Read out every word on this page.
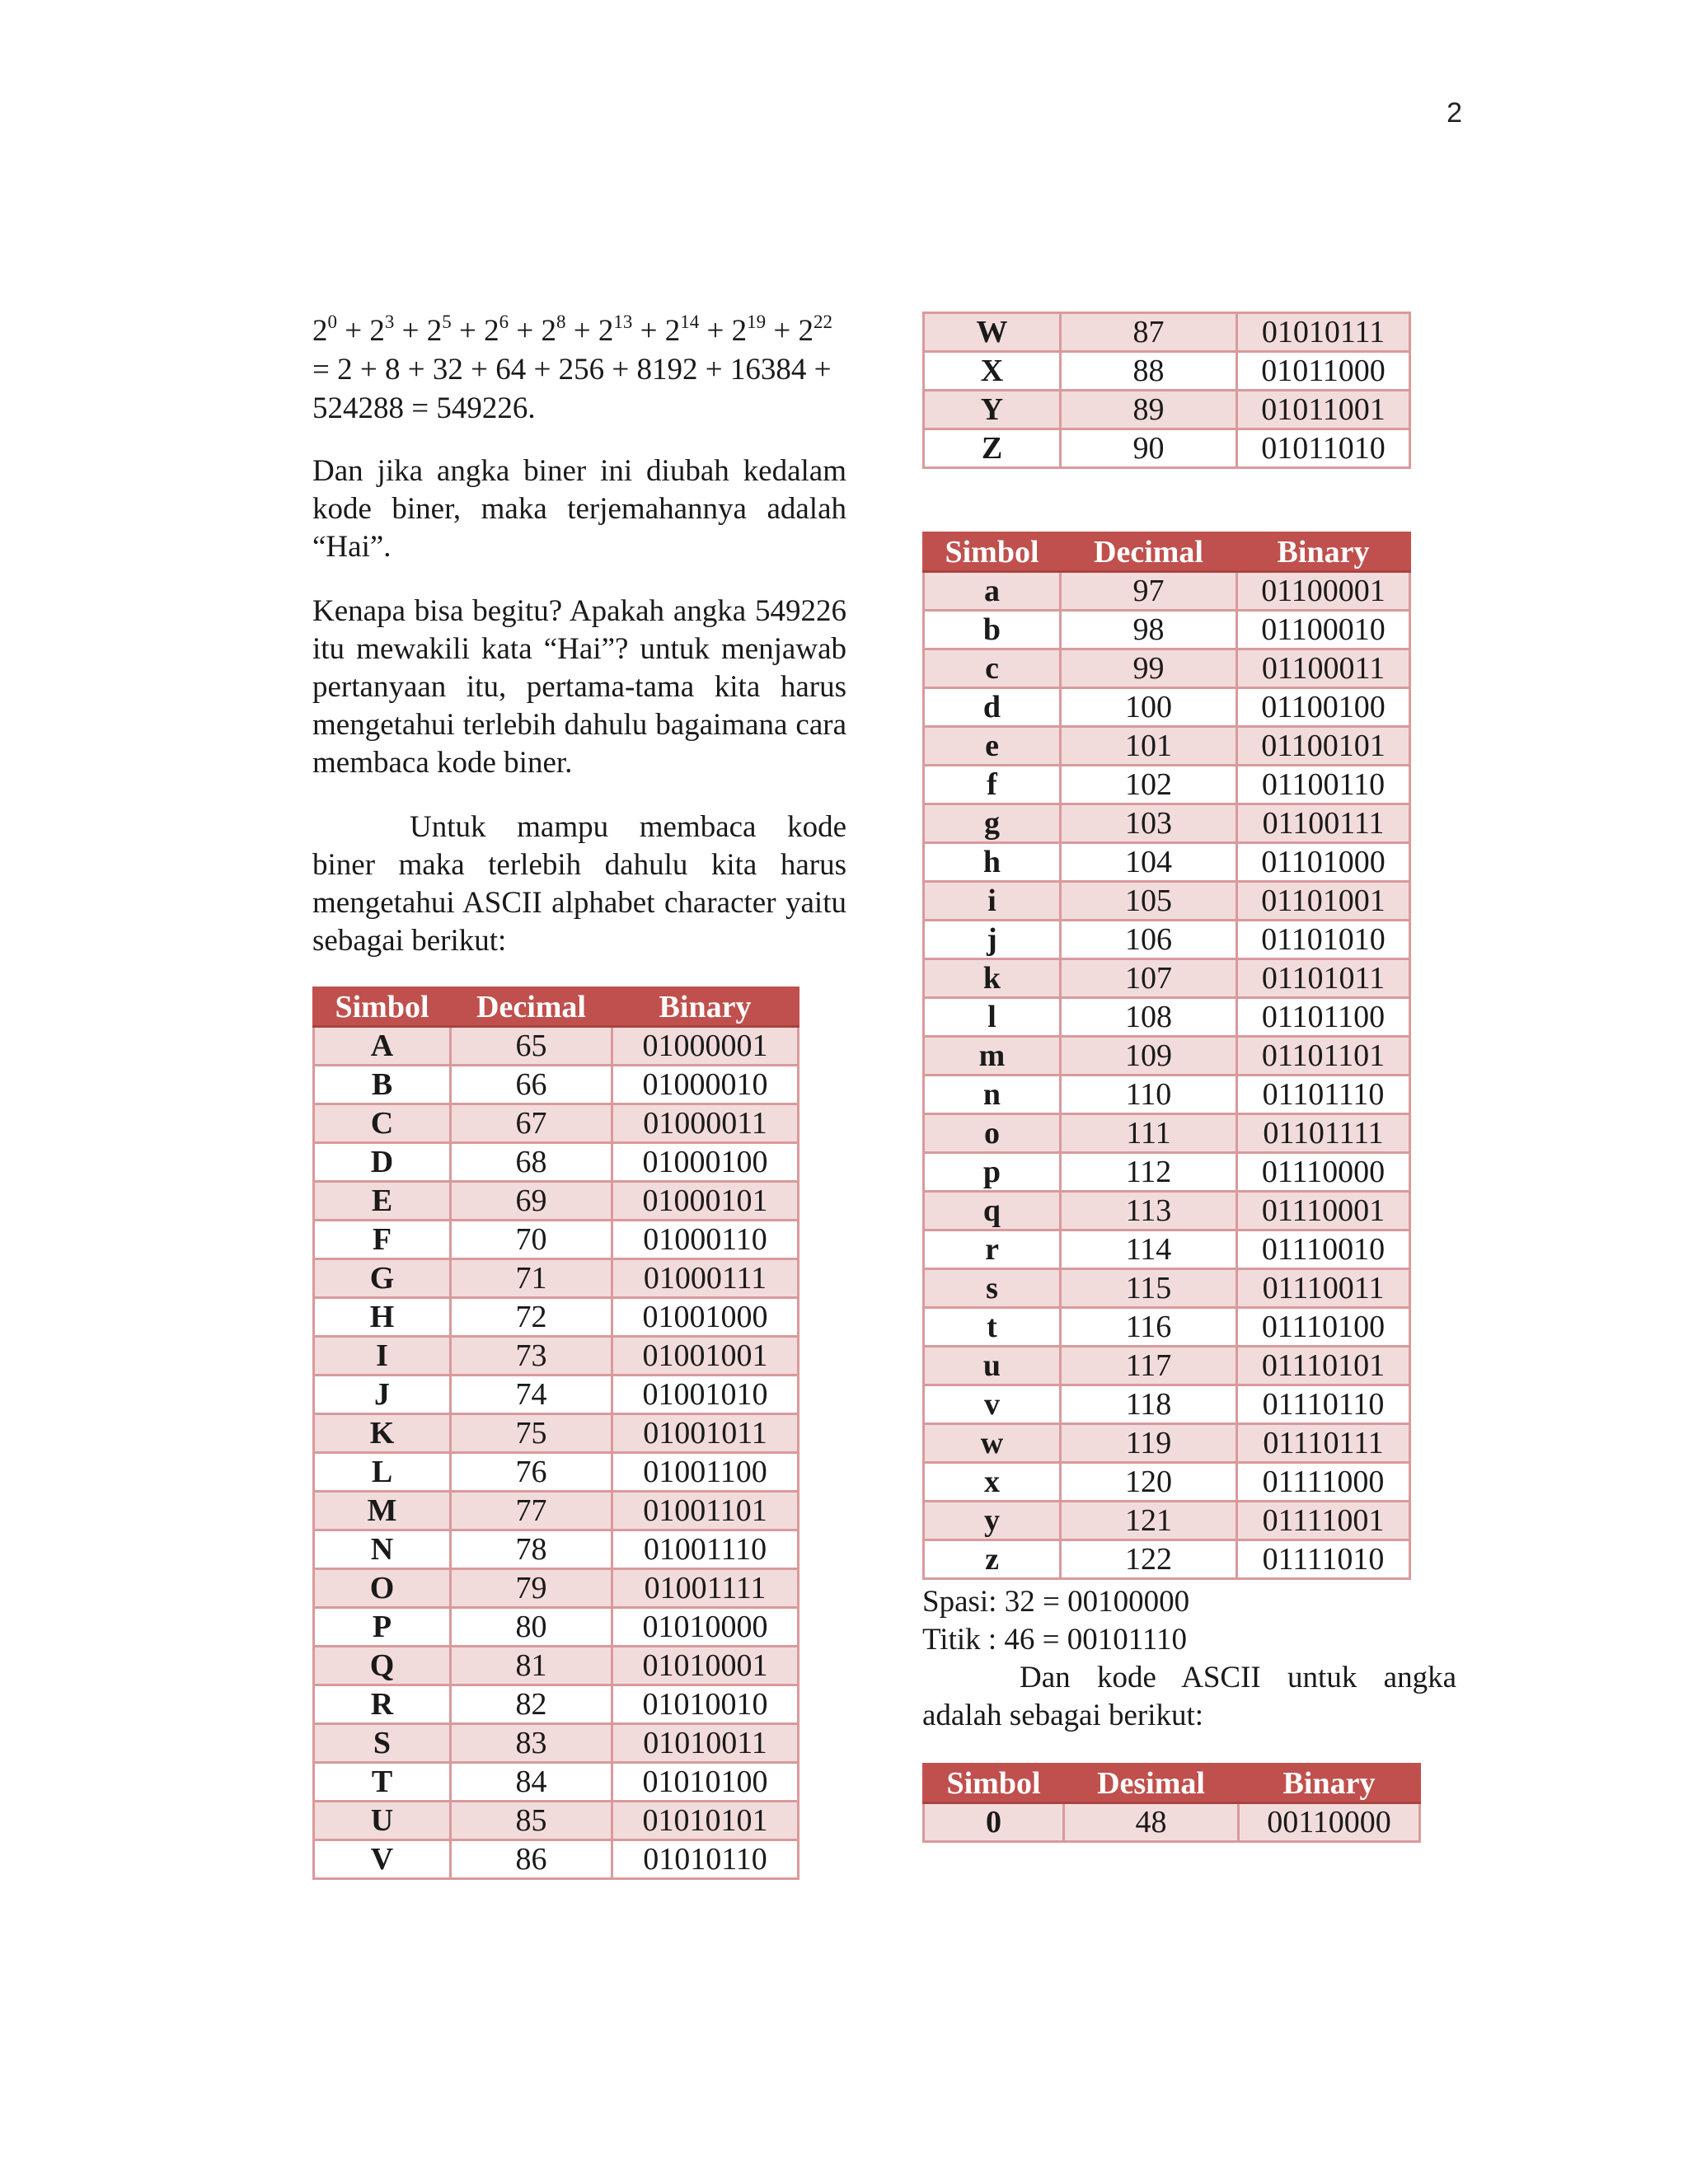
2

$2^0 + 2^3 + 2^5 + 2^6 + 2^8 + 2^{13} + 2^{14} + 2^{19} + 2^{22} = 2 + 8 + 32 + 64 + 256 + 8192 + 16384 + 524288 = 549226$.

Dan jika angka biner ini diubah kedalam kode biner, maka terjemahannya adalah “Hai”.

Kenapa bisa begitu? Apakah angka 549226 itu mewakili kata “Hai”? untuk menjawab pertanyaan itu, pertama-tama kita harus mengetahui terlebih dahulu bagaimana cara membaca kode biner.

Untuk mampu membaca kode biner maka terlebih dahulu kita harus mengetahui ASCII alphabet character yaitu sebagai berikut:

Simbol	Decimal	Binary
A	65	01000001
B	66	01000010
C	67	01000011
D	68	01000100
E	69	01000101
F	70	01000110
G	71	01000111
H	72	01001000
I	73	01001001
J	74	01001010
K	75	01001011
L	76	01001100
M	77	01001101
N	78	01001110
O	79	01001111
P	80	01010000
Q	81	01010001
R	82	01010010
S	83	01010011
T	84	01010100
U	85	01010101
V	86	01010110
W	87	01010111
X	88	01011000
Y	89	01011001
Z	90	01011010
Simbol	Decimal	Binary
a	97	01100001
b	98	01100010
c	99	01100011
d	100	01100100
e	101	01100101
f	102	01100110
g	103	01100111
h	104	01101000
i	105	01101001
j	106	01101010
k	107	01101011
l	108	01101100
m	109	01101101
n	110	01101110
o	111	01101111
p	112	01110000
q	113	01110001
r	114	01110010
s	115	01110011
t	116	01110100
u	117	01110101
v	118	01110110
w	119	01110111
x	120	01111000
y	121	01111001
z	122	01111010

Spasi: 32 = 00100000

Titik : 46 = 00101110

Dan kode ASCII untuk angka adalah sebagai berikut:

Simbol	Desimal	Binary
0	48	00110000
